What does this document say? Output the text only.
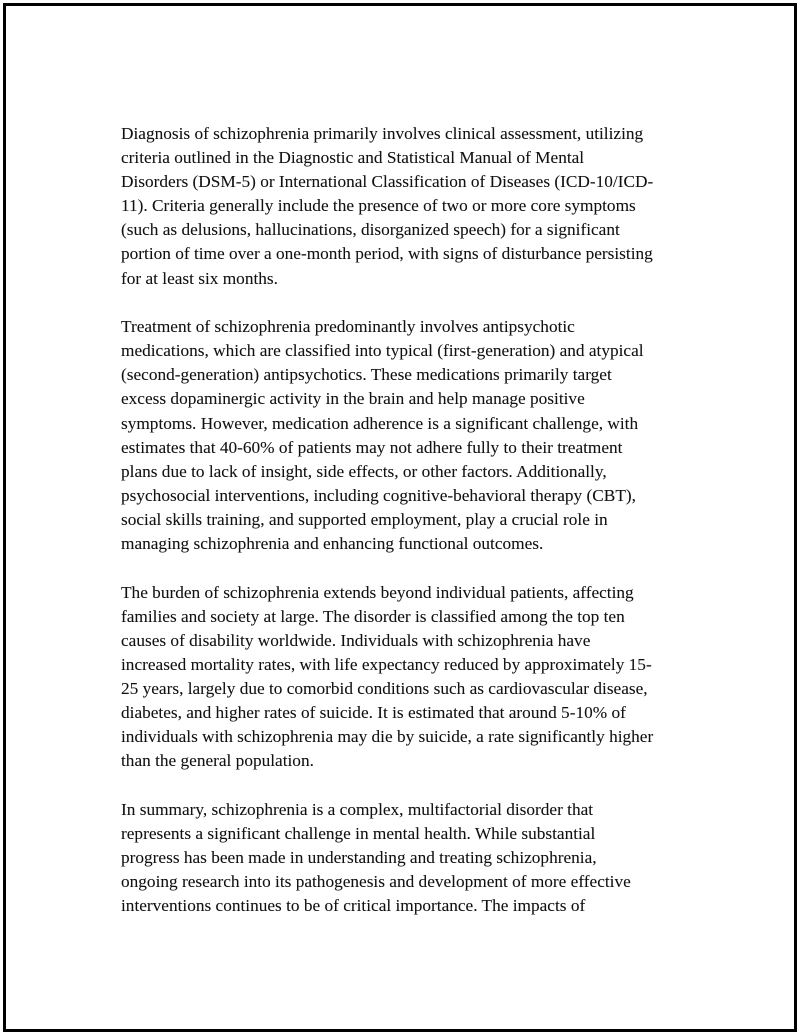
Diagnosis of schizophrenia primarily involves clinical assessment, utilizing
criteria outlined in the Diagnostic and Statistical Manual of Mental
Disorders (DSM-5) or International Classification of Diseases (ICD-10/ICD-
11). Criteria generally include the presence of two or more core symptoms
(such as delusions, hallucinations, disorganized speech) for a significant
portion of time over a one-month period, with signs of disturbance persisting
for at least six months.

Treatment of schizophrenia predominantly involves antipsychotic
medications, which are classified into typical (first-generation) and atypical
(second-generation) antipsychotics. These medications primarily target
excess dopaminergic activity in the brain and help manage positive
symptoms. However, medication adherence is a significant challenge, with
estimates that 40-60% of patients may not adhere fully to their treatment
plans due to lack of insight, side effects, or other factors. Additionally,
psychosocial interventions, including cognitive-behavioral therapy (CBT),
social skills training, and supported employment, play a crucial role in
managing schizophrenia and enhancing functional outcomes.

The burden of schizophrenia extends beyond individual patients, affecting
families and society at large. The disorder is classified among the top ten
causes of disability worldwide. Individuals with schizophrenia have
increased mortality rates, with life expectancy reduced by approximately 15-
25 years, largely due to comorbid conditions such as cardiovascular disease,
diabetes, and higher rates of suicide. It is estimated that around 5-10% of
individuals with schizophrenia may die by suicide, a rate significantly higher
than the general population.

In summary, schizophrenia is a complex, multifactorial disorder that
represents a significant challenge in mental health. While substantial
progress has been made in understanding and treating schizophrenia,
ongoing research into its pathogenesis and development of more effective
interventions continues to be of critical importance. The impacts of
